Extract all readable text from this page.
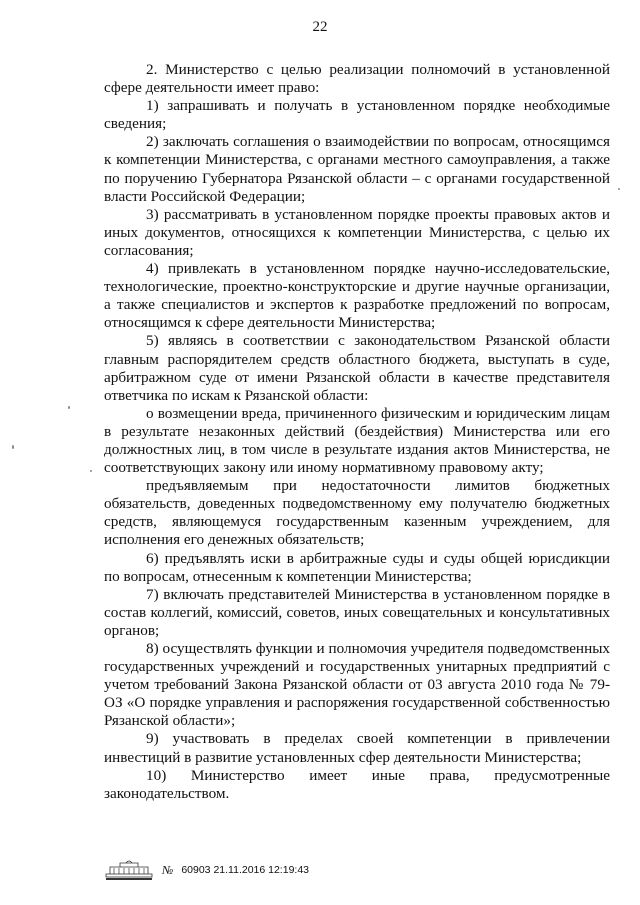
22

2. Министерство с целью реализации полномочий в установленной сфере деятельности имеет право:

1) запрашивать и получать в установленном порядке необходимые сведения;

2) заключать соглашения о взаимодействии по вопросам, относящимся к компетенции Министерства, с органами местного самоуправления, а также по поручению Губернатора Рязанской области – с органами государственной власти Российской Федерации;

3) рассматривать в установленном порядке проекты правовых актов и иных документов, относящихся к компетенции Министерства, с целью их согласования;

4) привлекать в установленном порядке научно-исследовательские, технологические, проектно-конструкторские и другие научные организации, а также специалистов и экспертов к разработке предложений по вопросам, относящимся к сфере деятельности Министерства;

5) являясь в соответствии с законодательством Рязанской области главным распорядителем средств областного бюджета, выступать в суде, арбитражном суде от имени Рязанской области в качестве представителя ответчика по искам к Рязанской области:

о возмещении вреда, причиненного физическим и юридическим лицам в результате незаконных действий (бездействия) Министерства или его должностных лиц, в том числе в результате издания актов Министерства, не соответствующих закону или иному нормативному правовому акту;

предъявляемым при недостаточности лимитов бюджетных обязательств, доведенных подведомственному ему получателю бюджетных средств, являющемуся государственным казенным учреждением, для исполнения его денежных обязательств;

6) предъявлять иски в арбитражные суды и суды общей юрисдикции по вопросам, отнесенным к компетенции Министерства;

7) включать представителей Министерства в установленном порядке в состав коллегий, комиссий, советов, иных совещательных и консультативных органов;

8) осуществлять функции и полномочия учредителя подведомственных государственных учреждений и государственных унитарных предприятий с учетом требований Закона Рязанской области от 03 августа 2010 года № 79-ОЗ «О порядке управления и распоряжения государственной собственностью Рязанской области»;

9) участвовать в пределах своей компетенции в привлечении инвестиций в развитие установленных сфер деятельности Министерства;

10) Министерство имеет иные права, предусмотренные законодательством.

№ 60903 21.11.2016 12:19:43
